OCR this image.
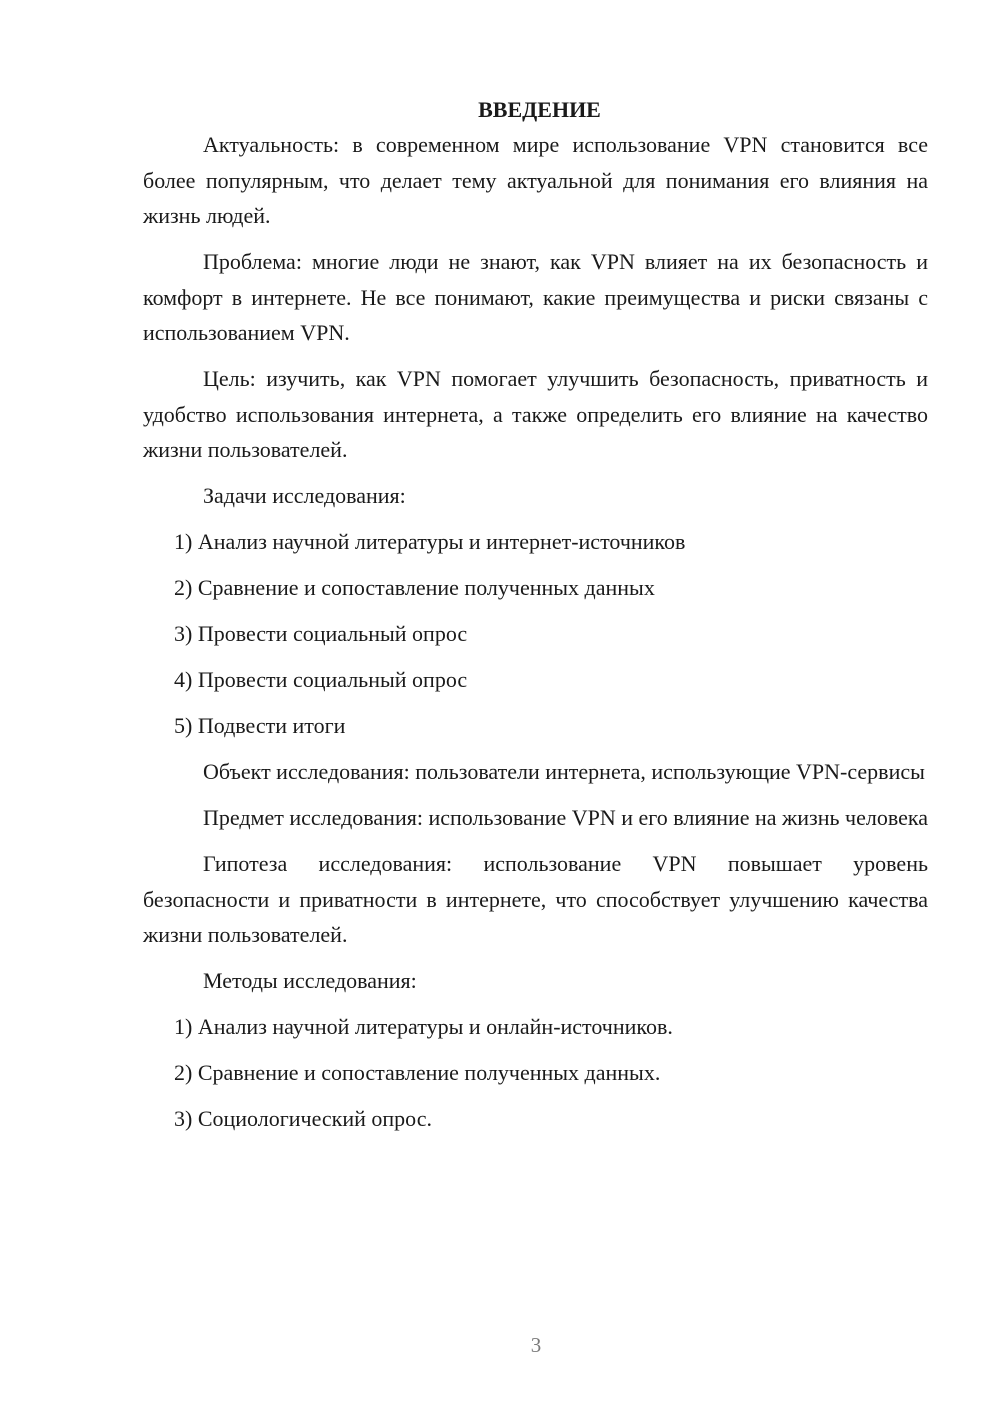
ВВЕДЕНИЕ

Актуальность: в современном мире использование VPN становится все более популярным, что делает тему актуальной для понимания его влияния на жизнь людей.

Проблема: многие люди не знают, как VPN влияет на их безопасность и комфорт в интернете. Не все понимают, какие преимущества и риски связаны с использованием VPN.

Цель: изучить, как VPN помогает улучшить безопасность, приватность и удобство использования интернета, а также определить его влияние на качество жизни пользователей.

Задачи исследования:

1) Анализ научной литературы и интернет-источников

2) Сравнение и сопоставление полученных данных

3) Провести социальный опрос

4) Провести социальный опрос

5) Подвести итоги

Объект исследования: пользователи интернета, использующие VPN-сервисы

Предмет исследования: использование VPN и его влияние на жизнь человека

Гипотеза исследования: использование VPN повышает уровень безопасности и приватности в интернете, что способствует улучшению качества жизни пользователей.

Методы исследования:

1) Анализ научной литературы и онлайн-источников.

2) Сравнение и сопоставление полученных данных.

3) Социологический опрос.

3
